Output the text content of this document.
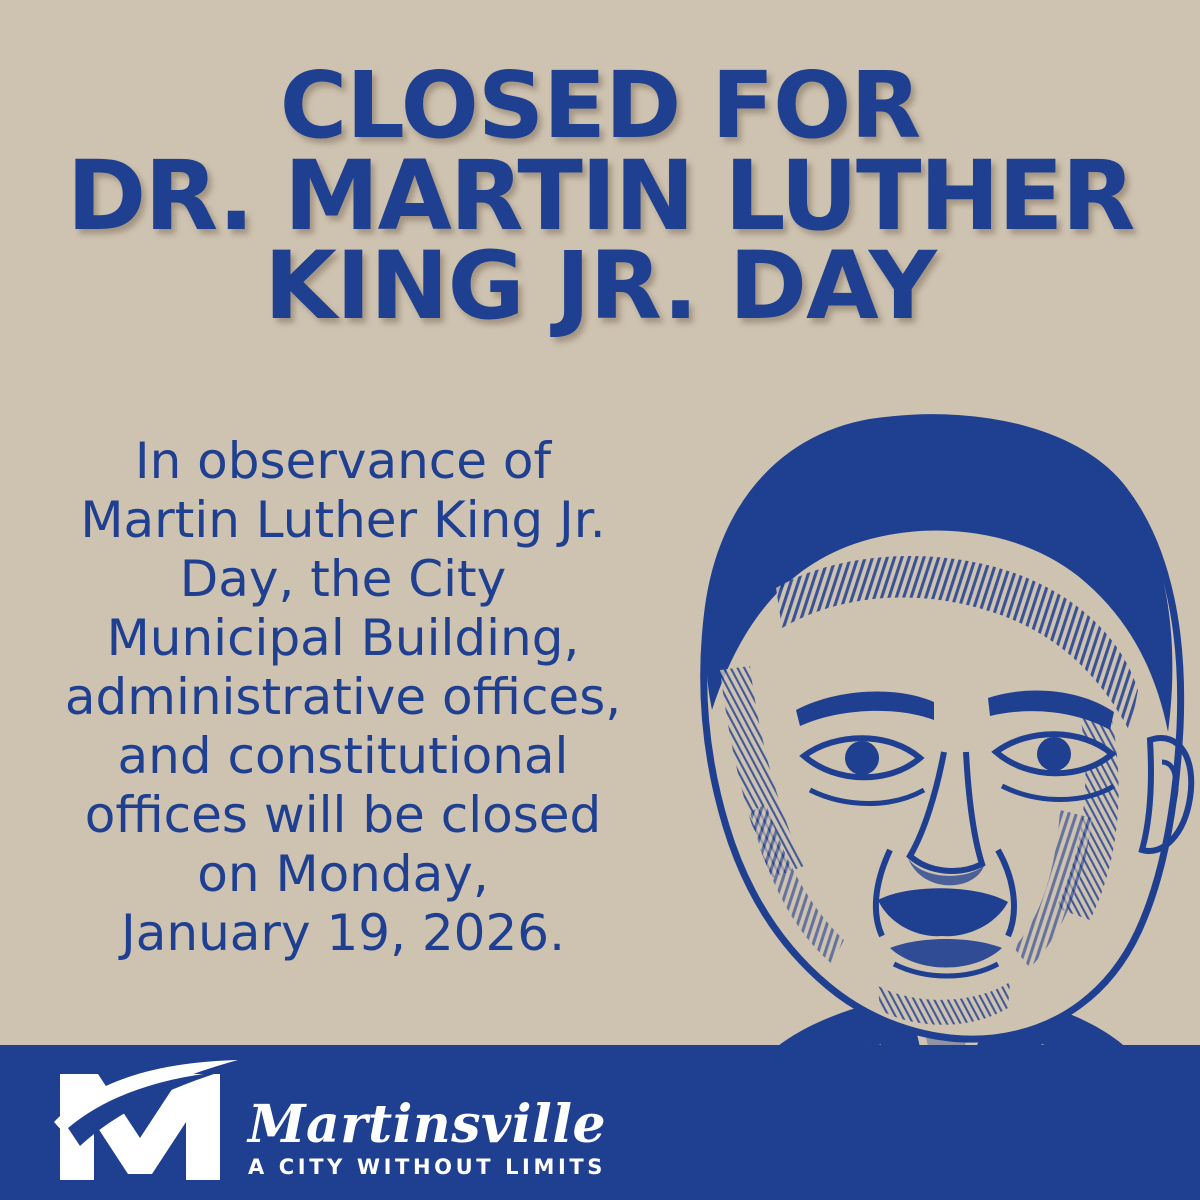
CLOSED FOR
DR. MARTIN LUTHER
KING JR. DAY
In observance of
Martin Luther King Jr.
Day, the City
Municipal Building,
administrative offices,
and constitutional
offices will be closed
on Monday,
January 19, 2026.
Martinsville
A CITY WITHOUT LIMITS
